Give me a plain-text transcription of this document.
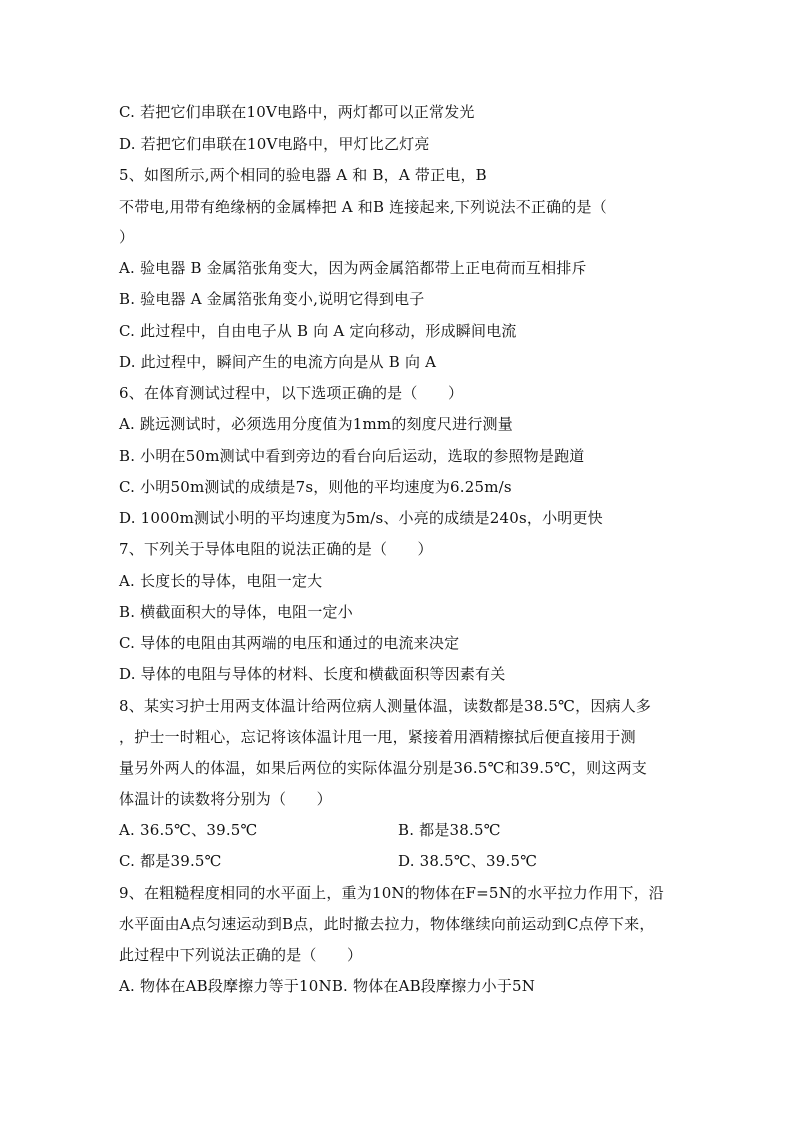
C. 若把它们串联在10V电路中，两灯都可以正常发光
D. 若把它们串联在10V电路中，甲灯比乙灯亮
5、如图所示,两个相同的验电器 A 和 B，A 带正电，B
不带电,用带有绝缘柄的金属棒把 A 和B 连接起来,下列说法不正确的是（
）
A. 验电器 B 金属箔张角变大，因为两金属箔都带上正电荷而互相排斥
B. 验电器 A 金属箔张角变小,说明它得到电子
C. 此过程中，自由电子从 B 向 A 定向移动，形成瞬间电流
D. 此过程中，瞬间产生的电流方向是从 B 向 A
6、在体育测试过程中，以下选项正确的是（　　）
A. 跳远测试时，必须选用分度值为1mm的刻度尺进行测量
B. 小明在50m测试中看到旁边的看台向后运动，选取的参照物是跑道
C. 小明50m测试的成绩是7s，则他的平均速度为6.25m/s
D. 1000m测试小明的平均速度为5m/s、小亮的成绩是240s，小明更快
7、下列关于导体电阻的说法正确的是（　　）
A. 长度长的导体，电阻一定大
B. 横截面积大的导体，电阻一定小
C. 导体的电阻由其两端的电压和通过的电流来决定
D. 导体的电阻与导体的材料、长度和横截面积等因素有关
8、某实习护士用两支体温计给两位病人测量体温，读数都是38.5℃，因病人多
，护士一时粗心，忘记将该体温计甩一甩，紧接着用酒精擦拭后便直接用于测
量另外两人的体温，如果后两位的实际体温分别是36.5℃和39.5℃，则这两支
体温计的读数将分别为（　　）
A. 36.5℃、39.5℃	B. 都是38.5℃
C. 都是39.5℃	D. 38.5℃、39.5℃
9、在粗糙程度相同的水平面上，重为10N的物体在F=5N的水平拉力作用下，沿
水平面由A点匀速运动到B点，此时撤去拉力，物体继续向前运动到C点停下来，
此过程中下列说法正确的是（　　）
A. 物体在AB段摩擦力等于10NB. 物体在AB段摩擦力小于5N
